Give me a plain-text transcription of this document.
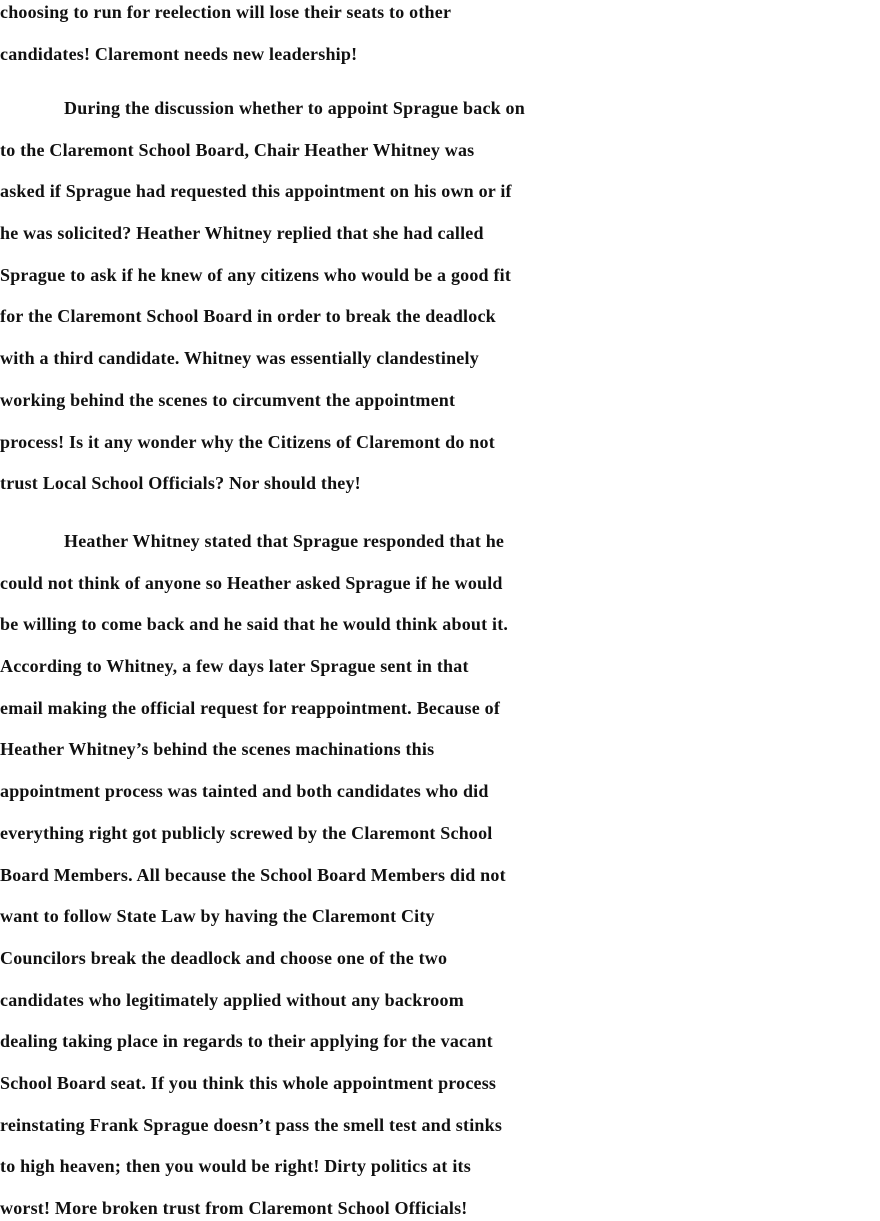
choosing to run for reelection will lose their seats to other
candidates! Claremont needs new leadership!
During the discussion whether to appoint Sprague back on
to the Claremont School Board, Chair Heather Whitney was
asked if Sprague had requested this appointment on his own or if
he was solicited? Heather Whitney replied that she had called
Sprague to ask if he knew of any citizens who would be a good fit
for the Claremont School Board in order to break the deadlock
with a third candidate. Whitney was essentially clandestinely
working behind the scenes to circumvent the appointment
process! Is it any wonder why the Citizens of Claremont do not
trust Local School Officials? Nor should they!
Heather Whitney stated that Sprague responded that he
could not think of anyone so Heather asked Sprague if he would
be willing to come back and he said that he would think about it.
According to Whitney, a few days later Sprague sent in that
email making the official request for reappointment. Because of
Heather Whitney’s behind the scenes machinations this
appointment process was tainted and both candidates who did
everything right got publicly screwed by the Claremont School
Board Members. All because the School Board Members did not
want to follow State Law by having the Claremont City
Councilors break the deadlock and choose one of the two
candidates who legitimately applied without any backroom
dealing taking place in regards to their applying for the vacant
School Board seat. If you think this whole appointment process
reinstating Frank Sprague doesn’t pass the smell test and stinks
to high heaven; then you would be right! Dirty politics at its
worst! More broken trust from Claremont School Officials!
